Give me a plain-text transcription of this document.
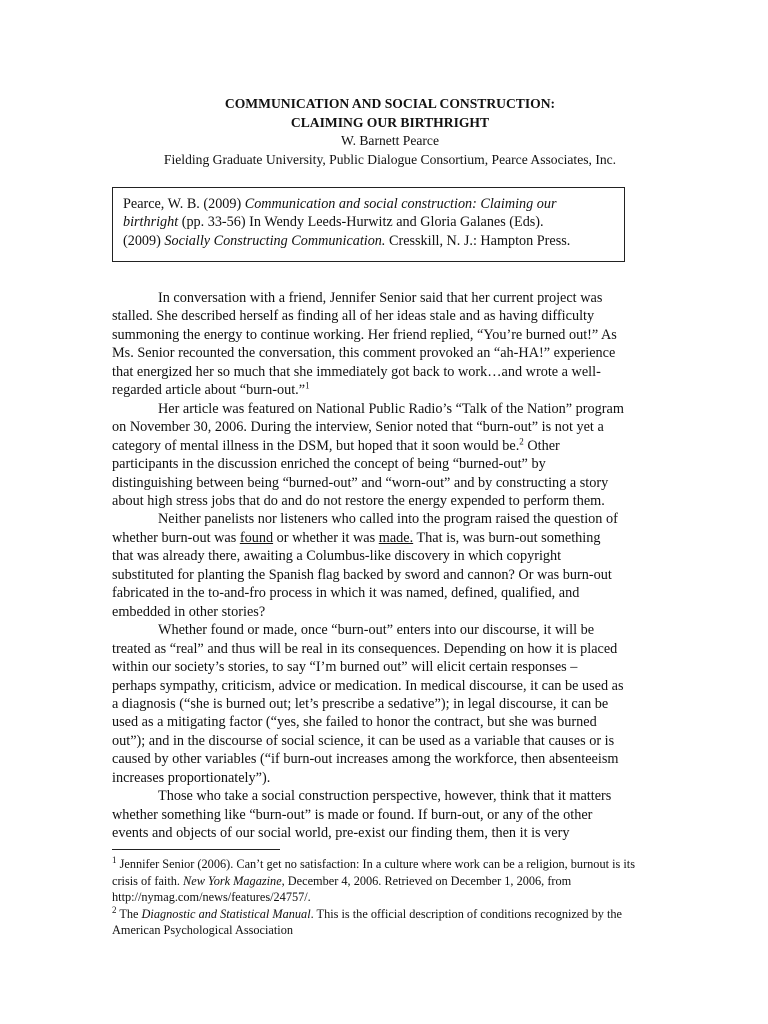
COMMUNICATION AND SOCIAL CONSTRUCTION:
CLAIMING OUR BIRTHRIGHT
W. Barnett Pearce
Fielding Graduate University, Public Dialogue Consortium, Pearce Associates, Inc.
Pearce, W. B. (2009) Communication and social construction: Claiming our
birthright (pp. 33-56) In Wendy Leeds-Hurwitz and Gloria Galanes (Eds).
(2009) Socially Constructing Communication. Cresskill, N. J.: Hampton Press.
In conversation with a friend, Jennifer Senior said that her current project was
stalled. She described herself as finding all of her ideas stale and as having difficulty
summoning the energy to continue working. Her friend replied, “You’re burned out!” As
Ms. Senior recounted the conversation, this comment provoked an “ah-HA!” experience
that energized her so much that she immediately got back to work…and wrote a well-
regarded article about “burn-out.”$^1$
Her article was featured on National Public Radio’s “Talk of the Nation” program
on November 30, 2006. During the interview, Senior noted that “burn-out” is not yet a
category of mental illness in the DSM, but hoped that it soon would be.$^2$ Other
participants in the discussion enriched the concept of being “burned-out” by
distinguishing between being “burned-out” and “worn-out” and by constructing a story
about high stress jobs that do and do not restore the energy expended to perform them.
Neither panelists nor listeners who called into the program raised the question of
whether burn-out was found or whether it was made. That is, was burn-out something
that was already there, awaiting a Columbus-like discovery in which copyright
substituted for planting the Spanish flag backed by sword and cannon? Or was burn-out
fabricated in the to-and-fro process in which it was named, defined, qualified, and
embedded in other stories?
Whether found or made, once “burn-out” enters into our discourse, it will be
treated as “real” and thus will be real in its consequences. Depending on how it is placed
within our society’s stories, to say “I’m burned out” will elicit certain responses –
perhaps sympathy, criticism, advice or medication. In medical discourse, it can be used as
a diagnosis (“she is burned out; let’s prescribe a sedative”); in legal discourse, it can be
used as a mitigating factor (“yes, she failed to honor the contract, but she was burned
out”); and in the discourse of social science, it can be used as a variable that causes or is
caused by other variables (“if burn-out increases among the workforce, then absenteeism
increases proportionately”).
Those who take a social construction perspective, however, think that it matters
whether something like “burn-out” is made or found. If burn-out, or any of the other
events and objects of our social world, pre-exist our finding them, then it is very
$^1$ Jennifer Senior (2006). Can’t get no satisfaction: In a culture where work can be a religion, burnout is its
crisis of faith. New York Magazine, December 4, 2006. Retrieved on December 1, 2006, from
http://nymag.com/news/features/24757/.
$^2$ The Diagnostic and Statistical Manual. This is the official description of conditions recognized by the
American Psychological Association
